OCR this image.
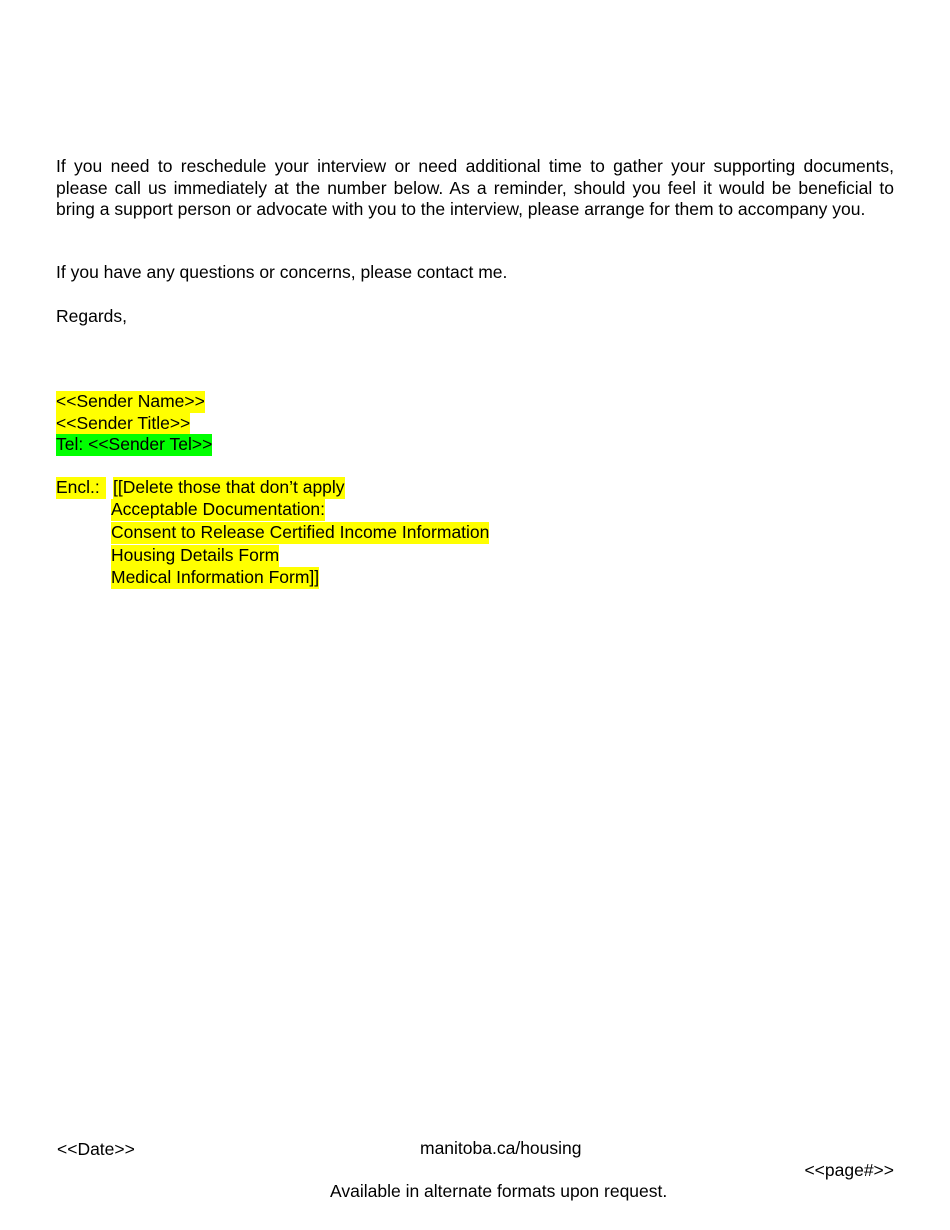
If you need to reschedule your interview or need additional time to gather your supporting documents, please call us immediately at the number below. As a reminder, should you feel it would be beneficial to bring a support person or advocate with you to the interview, please arrange for them to accompany you.

If you have any questions or concerns, please contact me.

Regards,

<<Sender Name>>
<<Sender Title>>
Tel: <<Sender Tel>>
Encl.: [[Delete those that don’t apply
Acceptable Documentation:
Consent to Release Certified Income Information
Housing Details Form
Medical Information Form]]
<<Date>>	manitoba.ca/housing
<<page#>>
Available in alternate formats upon request.
